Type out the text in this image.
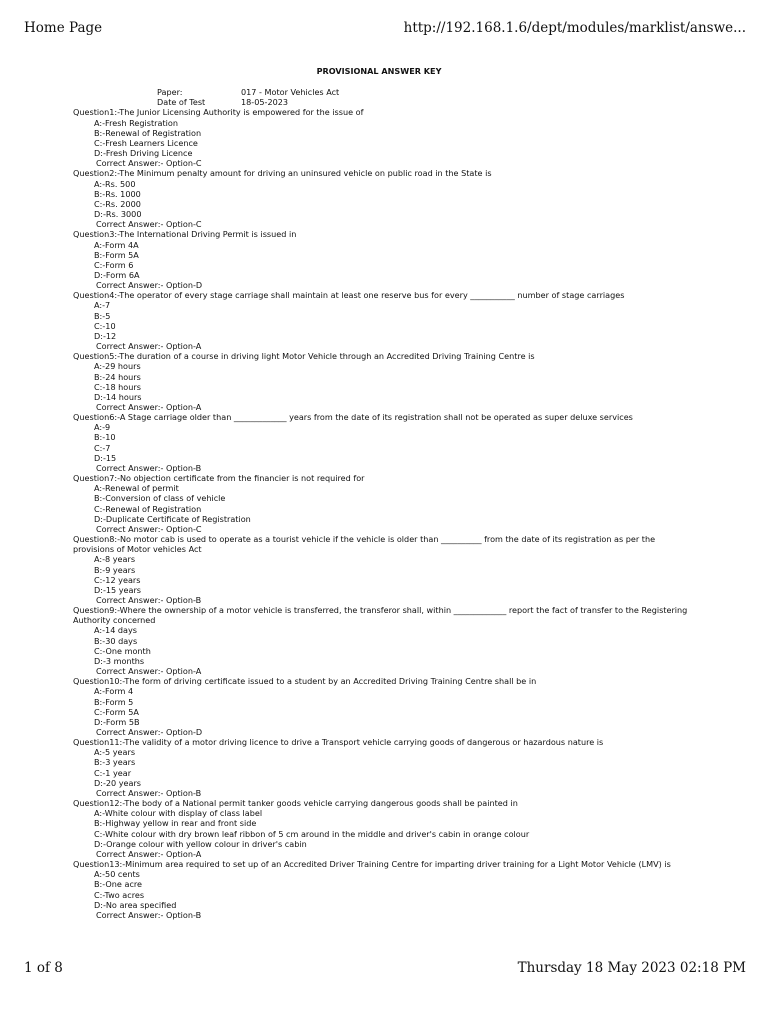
Home Page	http://192.168.1.6/dept/modules/marklist/answe...
PROVISIONAL ANSWER KEY
Paper:	017 - Motor Vehicles Act
Date of Test	18-05-2023
Question1:-The Junior Licensing Authority is empowered for the issue of
A:-Fresh Registration
B:-Renewal of Registration
C:-Fresh Learners Licence
D:-Fresh Driving Licence
Correct Answer:- Option-C
Question2:-The Minimum penalty amount for driving an uninsured vehicle on public road in the State is
A:-Rs. 500
B:-Rs. 1000
C:-Rs. 2000
D:-Rs. 3000
Correct Answer:- Option-C
Question3:-The International Driving Permit is issued in
A:-Form 4A
B:-Form 5A
C:-Form 6
D:-Form 6A
Correct Answer:- Option-D
Question4:-The operator of every stage carriage shall maintain at least one reserve bus for every ___________ number of stage carriages
A:-7
B:-5
C:-10
D:-12
Correct Answer:- Option-A
Question5:-The duration of a course in driving light Motor Vehicle through an Accredited Driving Training Centre is
A:-29 hours
B:-24 hours
C:-18 hours
D:-14 hours
Correct Answer:- Option-A
Question6:-A Stage carriage older than _____________ years from the date of its registration shall not be operated as super deluxe services
A:-9
B:-10
C:-7
D:-15
Correct Answer:- Option-B
Question7:-No objection certificate from the financier is not required for
A:-Renewal of permit
B:-Conversion of class of vehicle
C:-Renewal of Registration
D:-Duplicate Certificate of Registration
Correct Answer:- Option-C
Question8:-No motor cab is used to operate as a tourist vehicle if the vehicle is older than __________ from the date of its registration as per the provisions of Motor vehicles Act
A:-8 years
B:-9 years
C:-12 years
D:-15 years
Correct Answer:- Option-B
Question9:-Where the ownership of a motor vehicle is transferred, the transferor shall, within _____________ report the fact of transfer to the Registering Authority concerned
A:-14 days
B:-30 days
C:-One month
D:-3 months
Correct Answer:- Option-A
Question10:-The form of driving certificate issued to a student by an Accredited Driving Training Centre shall be in
A:-Form 4
B:-Form 5
C:-Form 5A
D:-Form 5B
Correct Answer:- Option-D
Question11:-The validity of a motor driving licence to drive a Transport vehicle carrying goods of dangerous or hazardous nature is
A:-5 years
B:-3 years
C:-1 year
D:-20 years
Correct Answer:- Option-B
Question12:-The body of a National permit tanker goods vehicle carrying dangerous goods shall be painted in
A:-White colour with display of class label
B:-Highway yellow in rear and front side
C:-White colour with dry brown leaf ribbon of 5 cm around in the middle and driver's cabin in orange colour
D:-Orange colour with yellow colour in driver's cabin
Correct Answer:- Option-A
Question13:-Minimum area required to set up of an Accredited Driver Training Centre for imparting driver training for a Light Motor Vehicle (LMV) is
A:-50 cents
B:-One acre
C:-Two acres
D:-No area specified
Correct Answer:- Option-B
1 of 8	Thursday 18 May 2023 02:18 PM
